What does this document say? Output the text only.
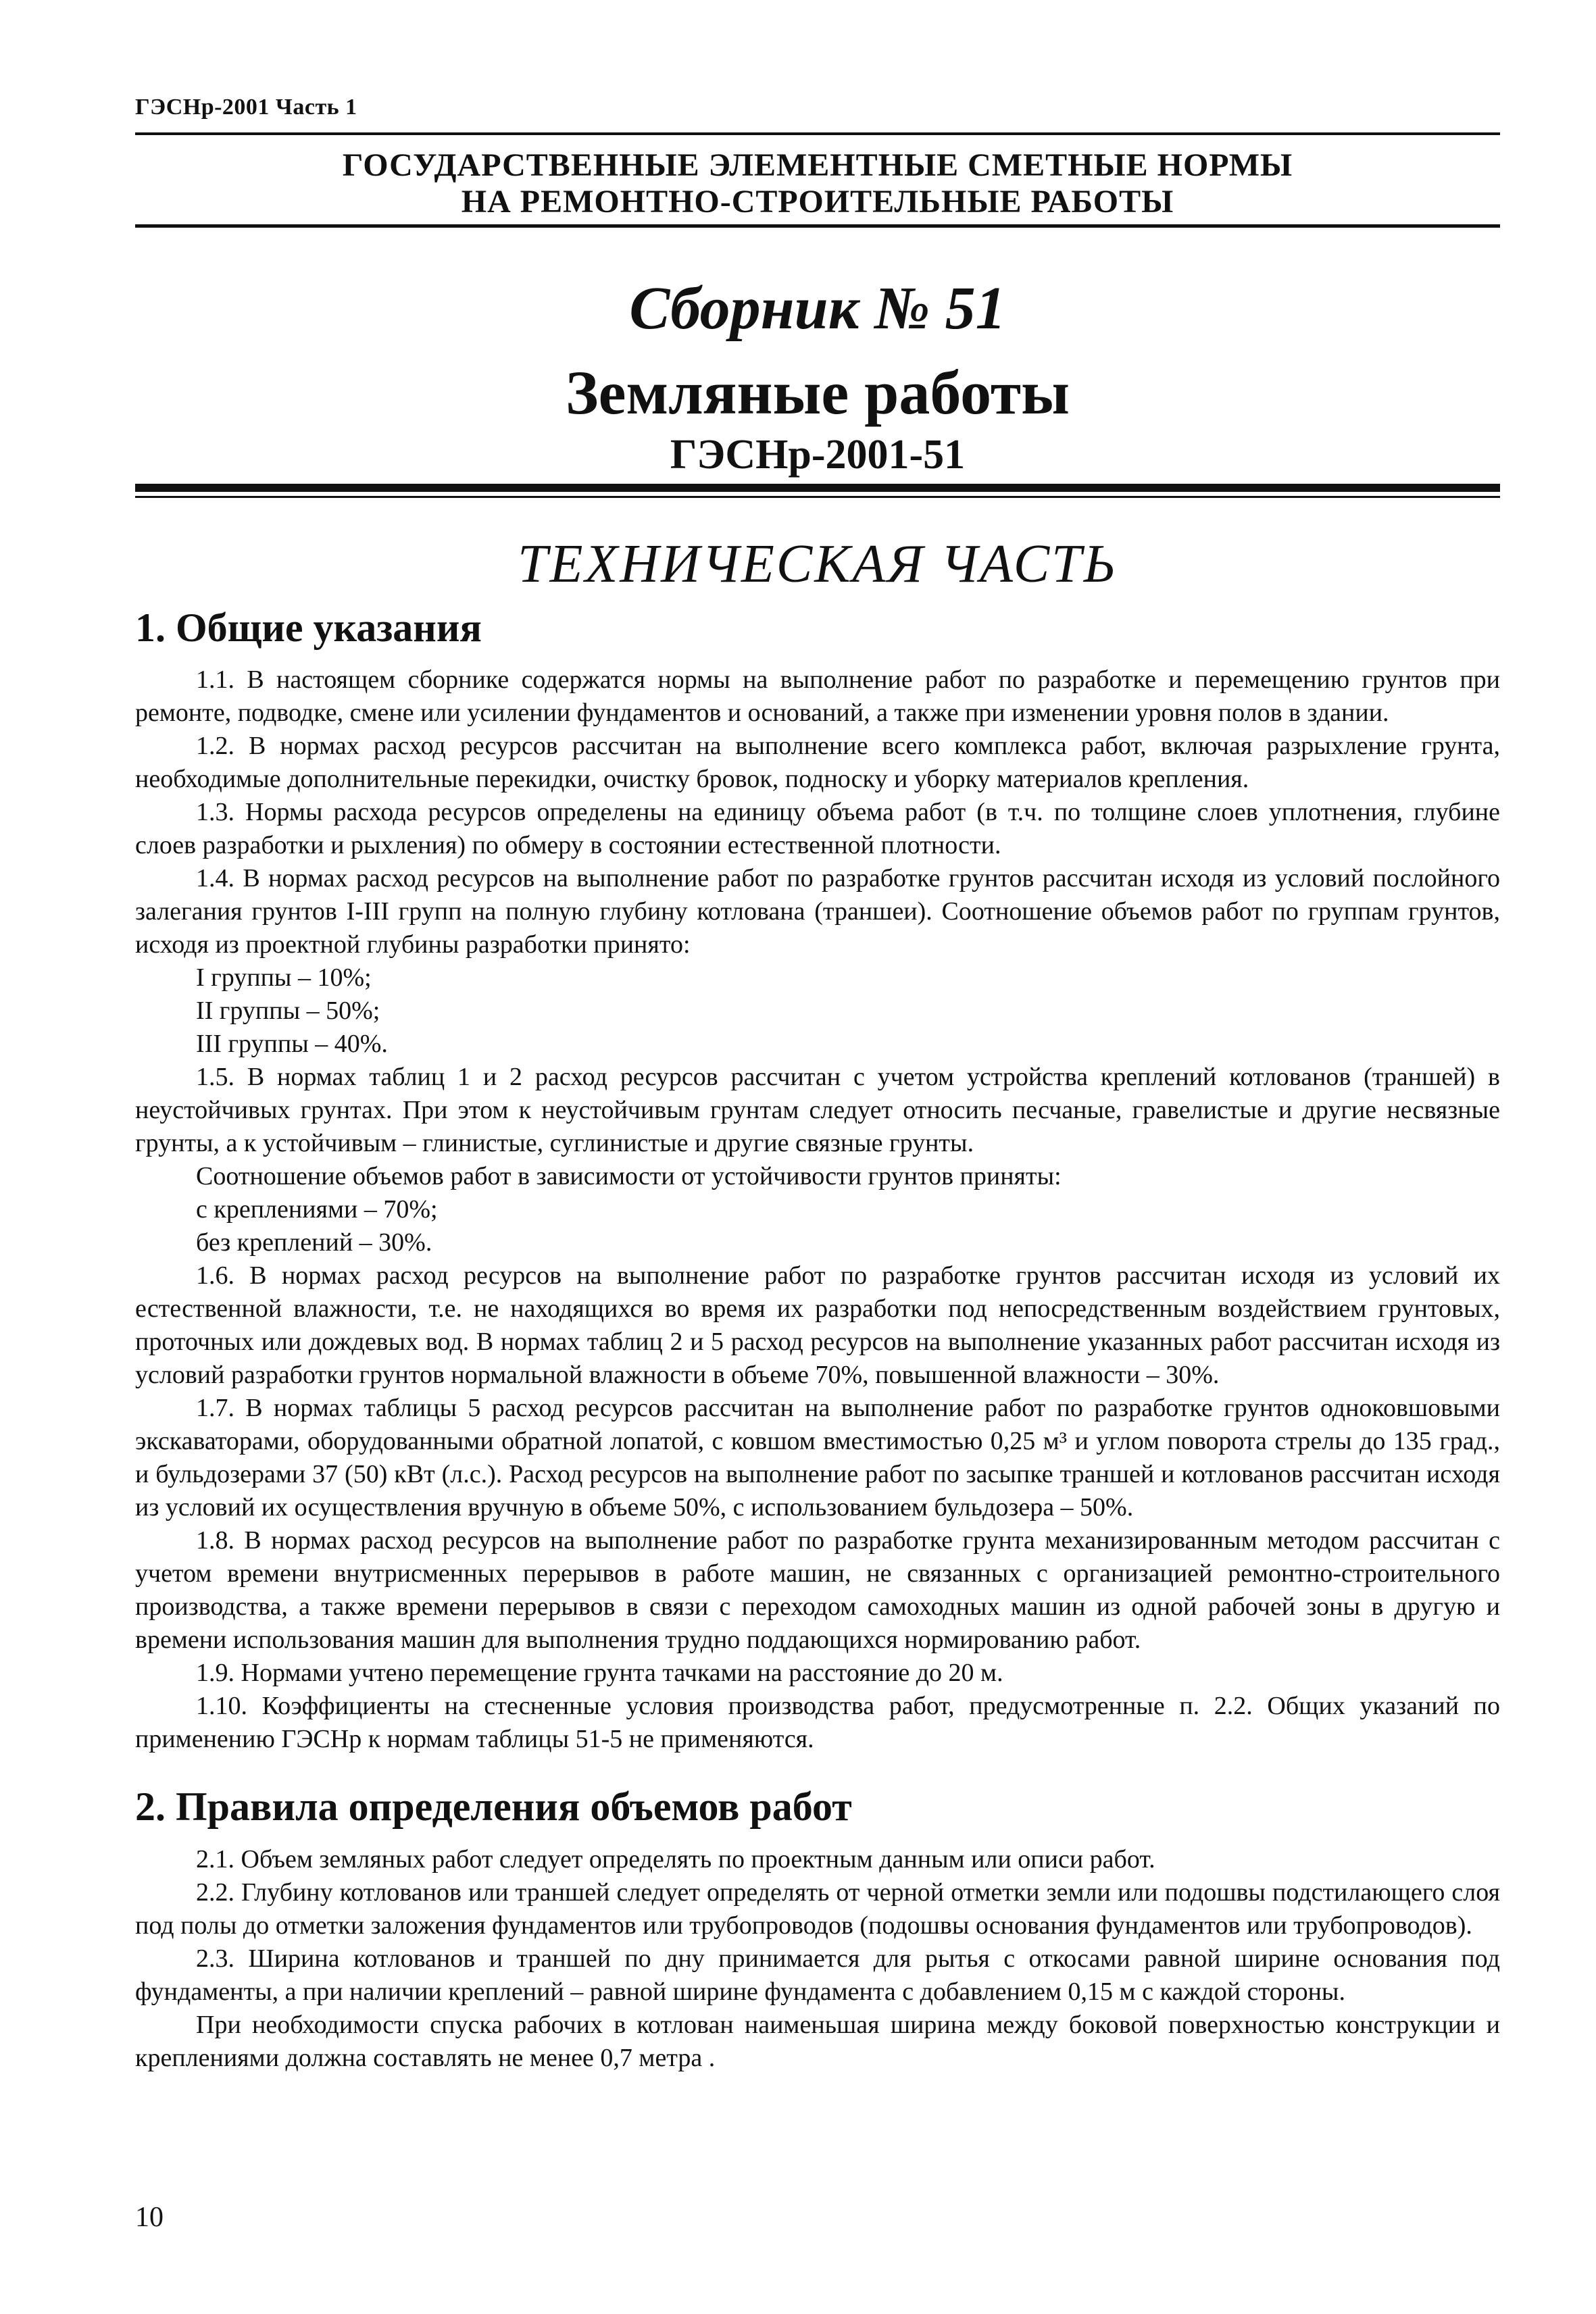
ГЭСНр-2001 Часть 1
ГОСУДАРСТВЕННЫЕ ЭЛЕМЕНТНЫЕ СМЕТНЫЕ НОРМЫ
НА РЕМОНТНО-СТРОИТЕЛЬНЫЕ РАБОТЫ
Сборник № 51
Земляные работы
ГЭСНр-2001-51
ТЕХНИЧЕСКАЯ ЧАСТЬ
1. Общие указания

1.1. В настоящем сборнике содержатся нормы на выполнение работ по разработке и перемещению грунтов при ремонте, подводке, смене или усилении фундаментов и оснований, а также при изменении уровня полов в здании.

1.2. В нормах расход ресурсов рассчитан на выполнение всего комплекса работ, включая разрыхление грунта, необходимые дополнительные перекидки, очистку бровок, подноску и уборку материалов крепления.

1.3. Нормы расхода ресурсов определены на единицу объема работ (в т.ч. по толщине слоев уплотнения, глубине слоев разработки и рыхления) по обмеру в состоянии естественной плотности.

1.4. В нормах расход ресурсов на выполнение работ по разработке грунтов рассчитан исходя из условий послойного залегания грунтов I-III групп на полную глубину котлована (траншеи). Соотношение объемов работ по группам грунтов, исходя из проектной глубины разработки принято:

I группы – 10%;

II группы – 50%;

III группы – 40%.

1.5. В нормах таблиц 1 и 2 расход ресурсов рассчитан с учетом устройства креплений котлованов (траншей) в неустойчивых грунтах. При этом к неустойчивым грунтам следует относить песчаные, гравелистые и другие несвязные грунты, а к устойчивым – глинистые, суглинистые и другие связные грунты.

Соотношение объемов работ в зависимости от устойчивости грунтов приняты:

с креплениями – 70%;

без креплений – 30%.

1.6. В нормах расход ресурсов на выполнение работ по разработке грунтов рассчитан исходя из условий их естественной влажности, т.е. не находящихся во время их разработки под непосредственным воздействием грунтовых, проточных или дождевых вод. В нормах таблиц 2 и 5 расход ресурсов на выполнение указанных работ рассчитан исходя из условий разработки грунтов нормальной влажности в объеме 70%, повышенной влажности – 30%.

1.7. В нормах таблицы 5 расход ресурсов рассчитан на выполнение работ по разработке грунтов одноковшовыми экскаваторами, оборудованными обратной лопатой, с ковшом вместимостью 0,25 м³ и углом поворота стрелы до 135 град., и бульдозерами 37 (50) кВт (л.с.). Расход ресурсов на выполнение работ по засыпке траншей и котлованов рассчитан исходя из условий их осуществления вручную в объеме 50%, с использованием бульдозера – 50%.

1.8. В нормах расход ресурсов на выполнение работ по разработке грунта механизированным методом рассчитан с учетом времени внутрисменных перерывов в работе машин, не связанных с организацией ремонтно-строительного производства, а также времени перерывов в связи с переходом самоходных машин из одной рабочей зоны в другую и времени использования машин для выполнения трудно поддающихся нормированию работ.

1.9. Нормами учтено перемещение грунта тачками на расстояние до 20 м.

1.10. Коэффициенты на стесненные условия производства работ, предусмотренные п. 2.2. Общих указаний по применению ГЭСНр к нормам таблицы 51-5 не применяются.

2. Правила определения объемов работ

2.1. Объем земляных работ следует определять по проектным данным или описи работ.

2.2. Глубину котлованов или траншей следует определять от черной отметки земли или подошвы подстилающего слоя под полы до отметки заложения фундаментов или трубопроводов (подошвы основания фундаментов или трубопроводов).

2.3. Ширина котлованов и траншей по дну принимается для рытья с откосами равной ширине основания под фундаменты, а при наличии креплений – равной ширине фундамента с добавлением 0,15 м с каждой стороны.

При необходимости спуска рабочих в котлован наименьшая ширина между боковой поверхностью конструкции и креплениями должна составлять не менее 0,7 метра .

10
